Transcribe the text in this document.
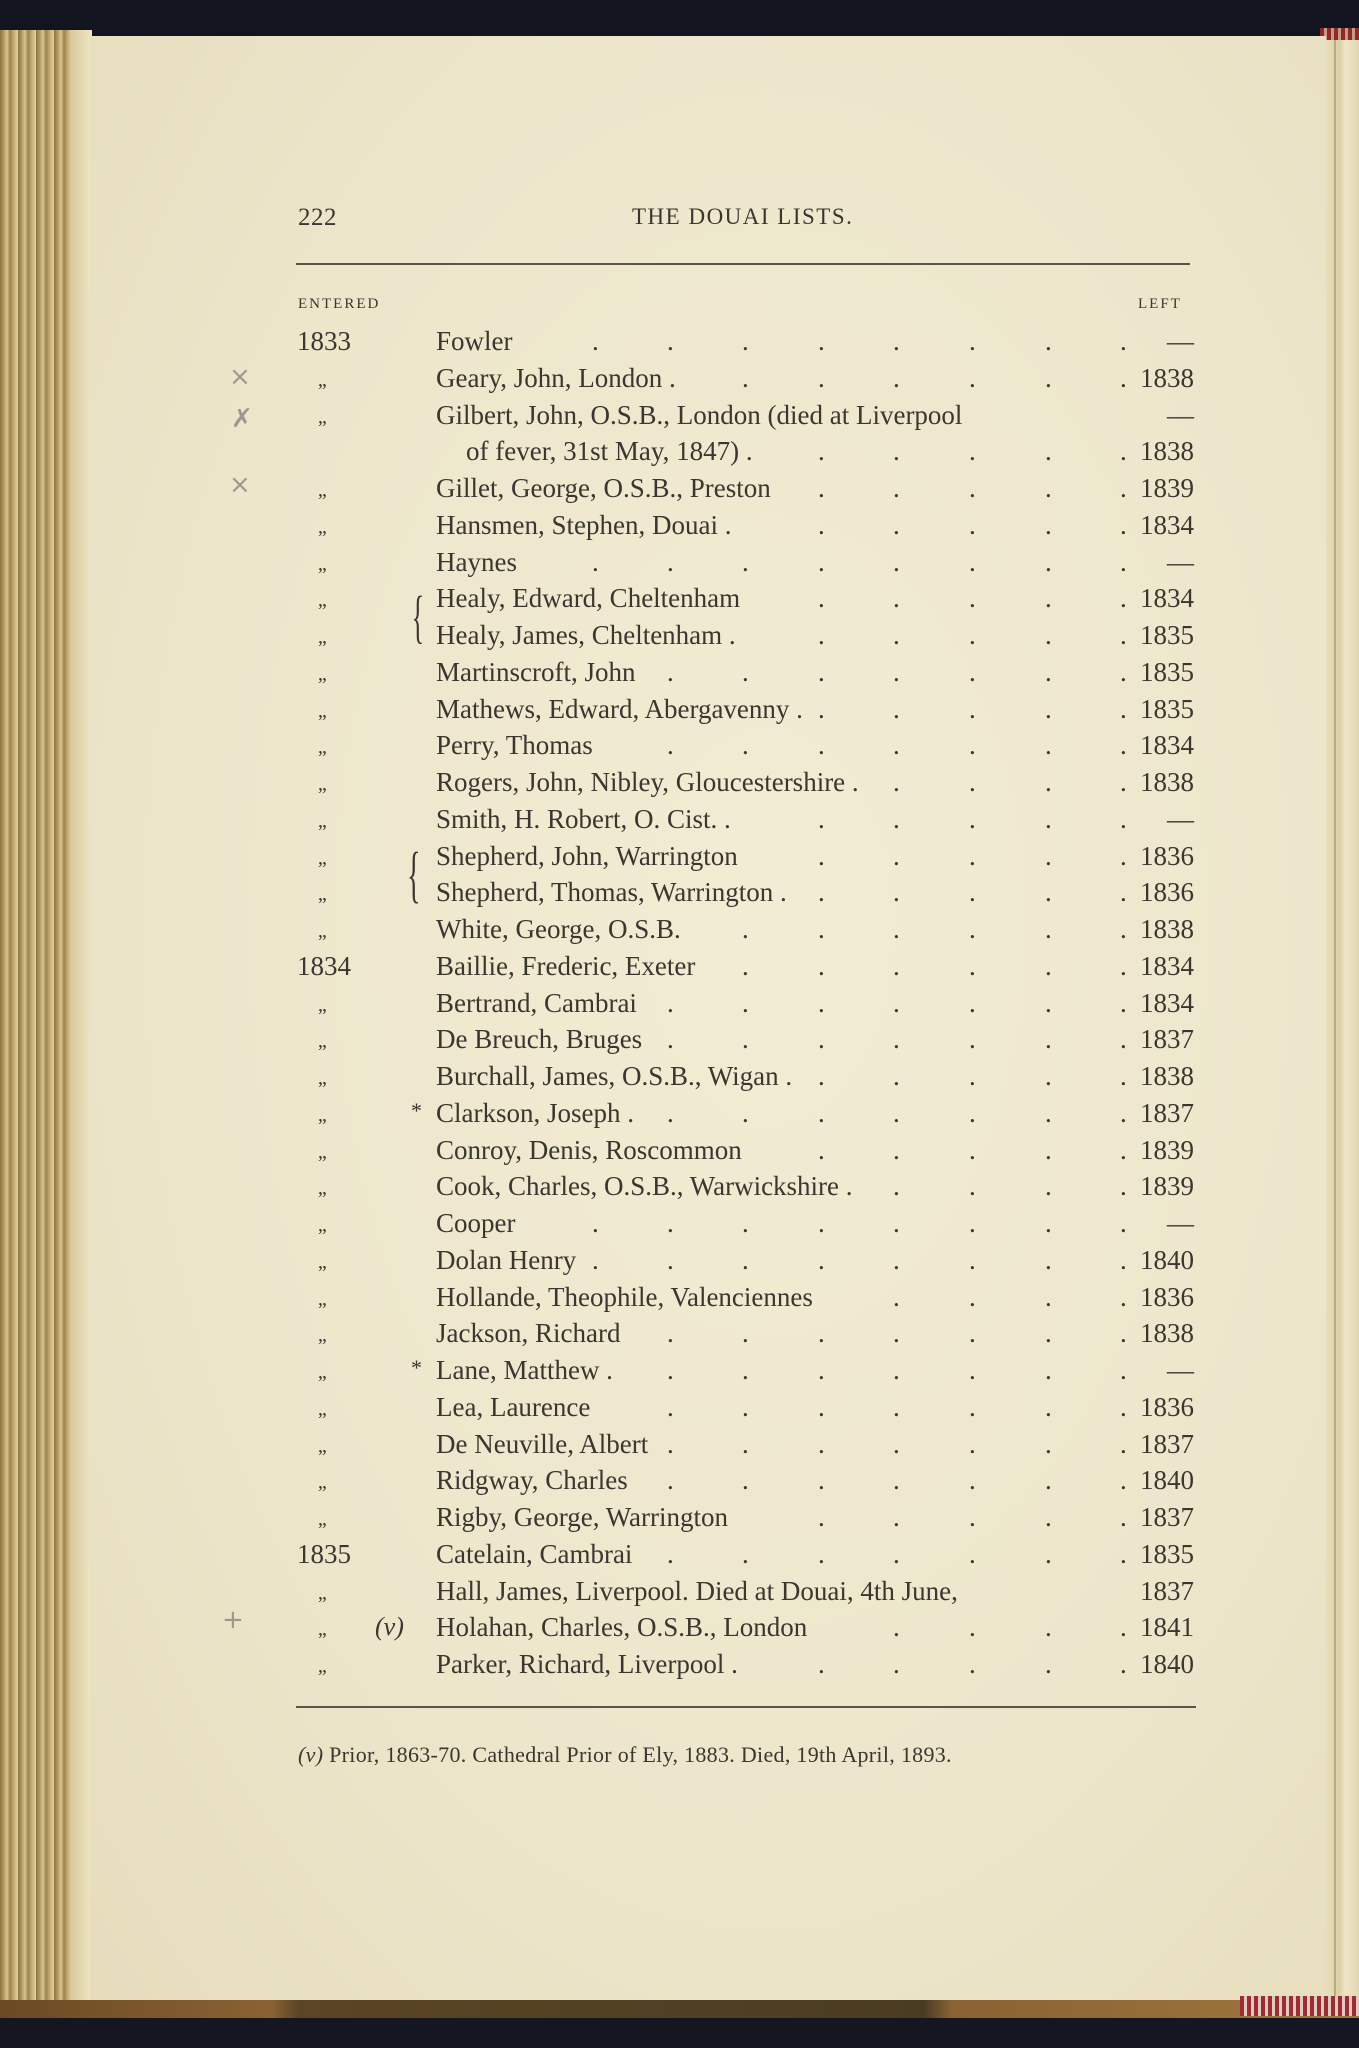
⨯
✗
⨯
+
222	THE DOUAI LISTS.
ENTERED	LEFT
1833	Fowler	—
.	.	.	.	.	.	.	.
,,	Geary, John, London .	1838
.	.	.	.	.	.
,,	Gilbert, John, O.S.B., London (died at Liverpool	—
of fever, 31st May, 1847) .	1838
.	.	.	.	.
,,	Gillet, George, O.S.B., Preston	1839
.	.	.	.	.
,,	Hansmen, Stephen, Douai .	1834
.	.	.	.	.
,,	Haynes	—
.	.	.	.	.	.	.	.
,,	Healy, Edward, Cheltenham	1834
.	.	.	.	.
,,	Healy, James, Cheltenham .	1835
.	.	.	.	.
,,	Martinscroft, John	1835
.	.	.	.	.	.	.
,,	Mathews, Edward, Abergavenny .	1835
.	.	.	.	.
,,	Perry, Thomas	1834
.	.	.	.	.	.	.
,,	Rogers, John, Nibley, Gloucestershire .	1838
.	.	.	.
,,	Smith, H. Robert, O. Cist. .	—
.	.	.	.	.
,,	Shepherd, John, Warrington	1836
.	.	.	.	.
,,	Shepherd, Thomas, Warrington .	1836
.	.	.	.	.
,,	White, George, O.S.B.	1838
.	.	.	.	.	.
1834	Baillie, Frederic, Exeter	1834
.	.	.	.	.	.
,,	Bertrand, Cambrai	1834
.	.	.	.	.	.	.
,,	De Breuch, Bruges	1837
.	.	.	.	.	.	.
,,	Burchall, James, O.S.B., Wigan .	1838
.	.	.	.	.
,,	* Clarkson, Joseph .	1837
.	.	.	.	.	.	.
,,	Conroy, Denis, Roscommon	1839
.	.	.	.	.
,,	Cook, Charles, O.S.B., Warwickshire .	1839
.	.	.	.
,,	Cooper	—
.	.	.	.	.	.	.	.
,,	Dolan Henry	1840
.	.	.	.	.	.	.	.
,,	Hollande, Theophile, Valenciennes	1836
.	.	.	.
,,	Jackson, Richard	1838
.	.	.	.	.	.	.
,,	* Lane, Matthew .	—
.	.	.	.	.	.	.
,,	Lea, Laurence	1836
.	.	.	.	.	.	.
,,	De Neuville, Albert	1837
.	.	.	.	.	.	.
,,	Ridgway, Charles	1840
.	.	.	.	.	.	.
,,	Rigby, George, Warrington	1837
.	.	.	.	.
1835	Catelain, Cambrai	1835
.	.	.	.	.	.	.
,,	Hall, James, Liverpool. Died at Douai, 4th June,	1837
,, (v) Holahan, Charles, O.S.B., London	1841
.	.	.	.
,,	Parker, Richard, Liverpool .	1840
.	.	.	.	.
{
{
(v) Prior, 1863-70. Cathedral Prior of Ely, 1883. Died, 19th April, 1893.
